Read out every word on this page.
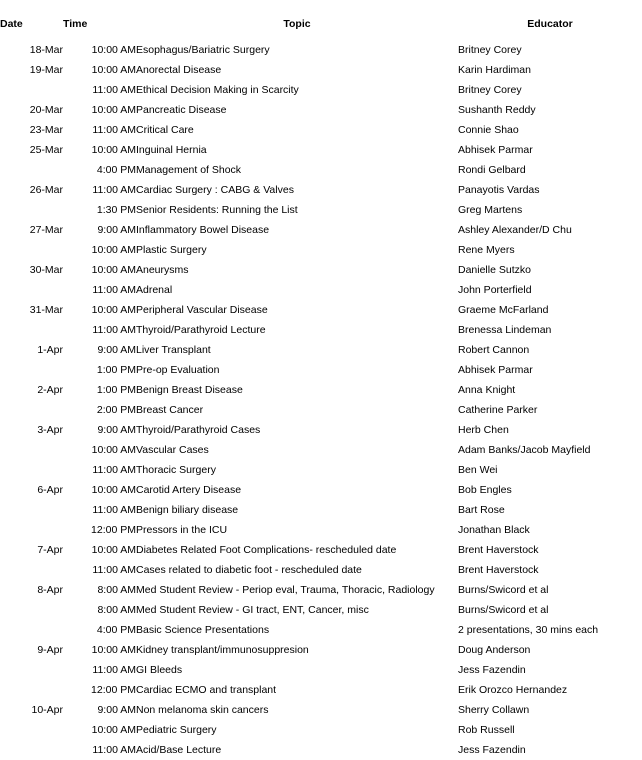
Date	Time	Topic	Educator
18-Mar	10:00 AM	Esophagus/Bariatric Surgery	Britney Corey
19-Mar	10:00 AM	Anorectal Disease	Karin Hardiman
	11:00 AM	Ethical Decision Making in Scarcity	Britney Corey
20-Mar	10:00 AM	Pancreatic Disease	Sushanth Reddy
23-Mar	11:00 AM	Critical Care	Connie Shao
25-Mar	10:00 AM	Inguinal Hernia	Abhisek Parmar
	4:00 PM	Management of Shock	Rondi Gelbard
26-Mar	11:00 AM	Cardiac Surgery : CABG & Valves	Panayotis Vardas
	1:30 PM	Senior Residents: Running the List	Greg Martens
27-Mar	9:00 AM	Inflammatory Bowel Disease	Ashley Alexander/D Chu
	10:00 AM	Plastic Surgery	Rene Myers
30-Mar	10:00 AM	Aneurysms	Danielle Sutzko
	11:00 AM	Adrenal	John Porterfield
31-Mar	10:00 AM	Peripheral Vascular Disease	Graeme McFarland
	11:00 AM	Thyroid/Parathyroid Lecture	Brenessa Lindeman
1-Apr	9:00 AM	Liver Transplant	Robert Cannon
	1:00 PM	Pre-op Evaluation	Abhisek Parmar
2-Apr	1:00 PM	Benign Breast Disease	Anna Knight
	2:00 PM	Breast Cancer	Catherine Parker
3-Apr	9:00 AM	Thyroid/Parathyroid Cases	Herb Chen
	10:00 AM	Vascular Cases	Adam Banks/Jacob Mayfield
	11:00 AM	Thoracic Surgery	Ben Wei
6-Apr	10:00 AM	Carotid Artery Disease	Bob Engles
	11:00 AM	Benign biliary disease	Bart Rose
	12:00 PM	Pressors in the ICU	Jonathan Black
7-Apr	10:00 AM	Diabetes Related Foot Complications- rescheduled date	Brent Haverstock
	11:00 AM	Cases related to diabetic foot - rescheduled date	Brent Haverstock
8-Apr	8:00 AM	Med Student Review - Periop eval, Trauma, Thoracic, Radiology	Burns/Swicord et al
	8:00 AM	Med Student Review - GI tract, ENT, Cancer, misc	Burns/Swicord et al
	4:00 PM	Basic Science Presentations	2 presentations, 30 mins each
9-Apr	10:00 AM	Kidney transplant/immunosuppresion	Doug Anderson
	11:00 AM	GI Bleeds	Jess Fazendin
	12:00 PM	Cardiac ECMO and transplant	Erik Orozco Hernandez
10-Apr	9:00 AM	Non melanoma skin cancers	Sherry Collawn
	10:00 AM	Pediatric Surgery	Rob Russell
	11:00 AM	Acid/Base Lecture	Jess Fazendin
